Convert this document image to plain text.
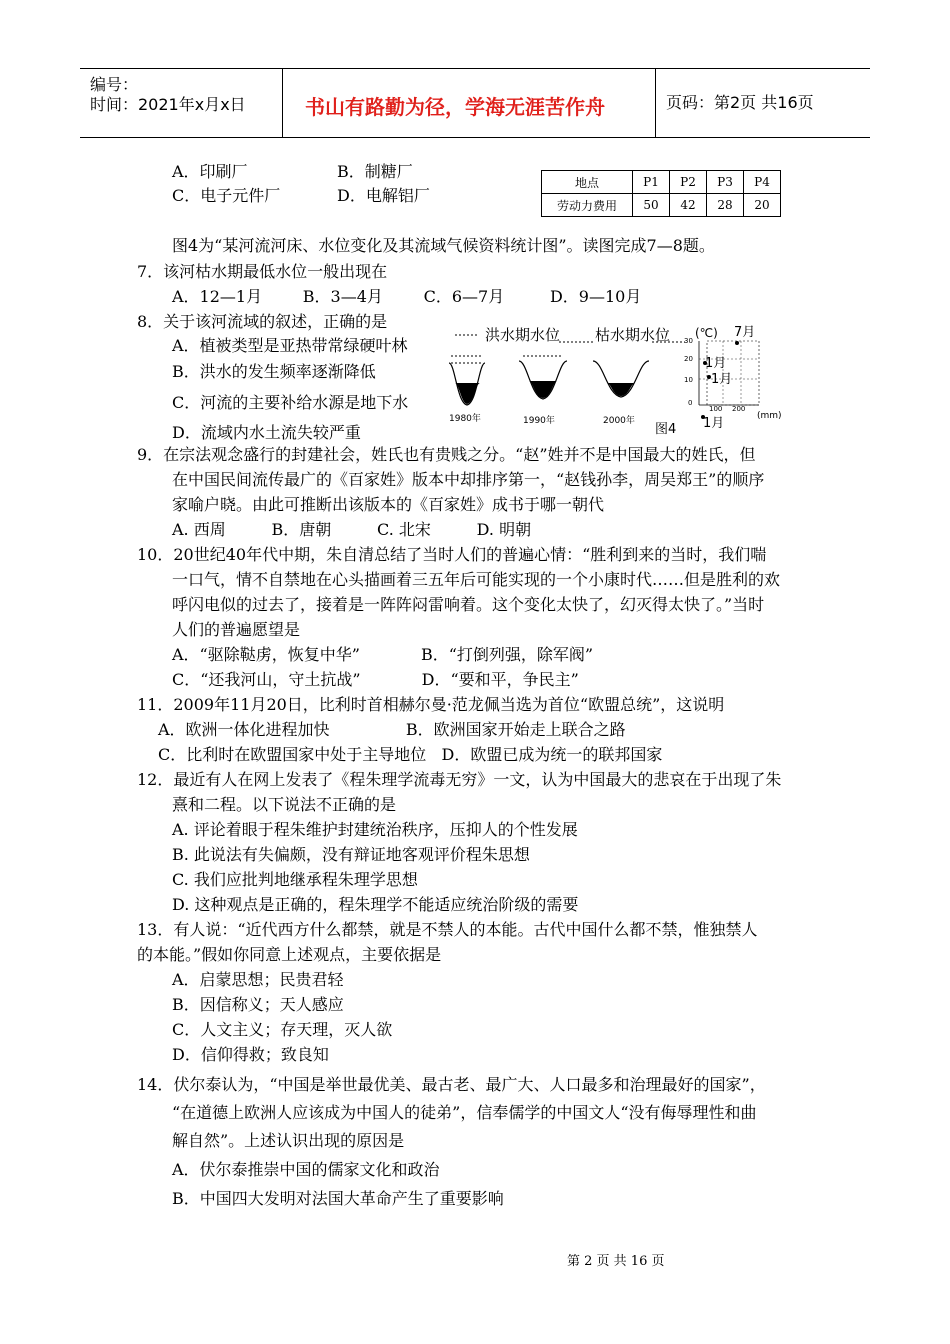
编号：
时间：2021年x月x日	书山有路勤为径，学海无涯苦作舟	页码：第2页 共16页
A．印刷厂	B．制糖厂
C．电子元件厂	D．电解铝厂
地点	P1	P2	P3	P4
劳动力费用	50	42	28	20
图4为“某河流河床、水位变化及其流域气候资料统计图”。读图完成7—8题。
7．该河枯水期最低水位一般出现在
A．12—1月        B．3—4月        C．6—7月         D．9—10月
8．关于该河流域的叙述，正确的是
A．植被类型是亚热带常绿硬叶林
B．洪水的发生频率逐渐降低
C．河流的主要补给水源是地下水
D．流域内水土流失较严重
洪水期水位 枯水期水位
1980年	1990年	2000年
图4
(℃)
30
20
10
0
7月
1月
1月
1月
100 200
(mm)
9．在宗法观念盛行的封建社会，姓氏也有贵贱之分。“赵”姓并不是中国最大的姓氏，但
在中国民间流传最广的《百家姓》版本中却排序第一，“赵钱孙李，周吴郑王”的顺序
家喻户晓。由此可推断出该版本的《百家姓》成书于哪一朝代
A. 西周         B．唐朝         C. 北宋         D. 明朝
10．20世纪40年代中期，朱自清总结了当时人们的普遍心情：“胜利到来的当时，我们喘
一口气，情不自禁地在心头描画着三五年后可能实现的一个小康时代……但是胜利的欢
呼闪电似的过去了，接着是一阵阵闷雷响着。这个变化太快了，幻灭得太快了。”当时
人们的普遍愿望是
A．“驱除鞑虏，恢复中华”            B．“打倒列强，除军阀”
C．“还我河山，守土抗战”            D．“要和平，争民主”
11．2009年11月20日，比利时首相赫尔曼·范龙佩当选为首位“欧盟总统”，这说明
A．欧洲一体化进程加快               B．欧洲国家开始走上联合之路
C．比利时在欧盟国家中处于主导地位   D．欧盟已成为统一的联邦国家
12．最近有人在网上发表了《程朱理学流毒无穷》一文，认为中国最大的悲哀在于出现了朱
熹和二程。以下说法不正确的是
A. 评论着眼于程朱维护封建统治秩序，压抑人的个性发展
B. 此说法有失偏颇，没有辩证地客观评价程朱思想
C. 我们应批判地继承程朱理学思想
D. 这种观点是正确的，程朱理学不能适应统治阶级的需要
13．有人说：“近代西方什么都禁，就是不禁人的本能。古代中国什么都不禁，惟独禁人
的本能。”假如你同意上述观点，主要依据是
A．启蒙思想；民贵君轻
B．因信称义；天人感应
C．人文主义；存天理，灭人欲
D．信仰得救；致良知
14．伏尔泰认为，“中国是举世最优美、最古老、最广大、人口最多和治理最好的国家”，
“在道德上欧洲人应该成为中国人的徒弟”，信奉儒学的中国文人“没有侮辱理性和曲
解自然”。上述认识出现的原因是
A．伏尔泰推崇中国的儒家文化和政治
B．中国四大发明对法国大革命产生了重要影响
第 2 页 共 16 页
